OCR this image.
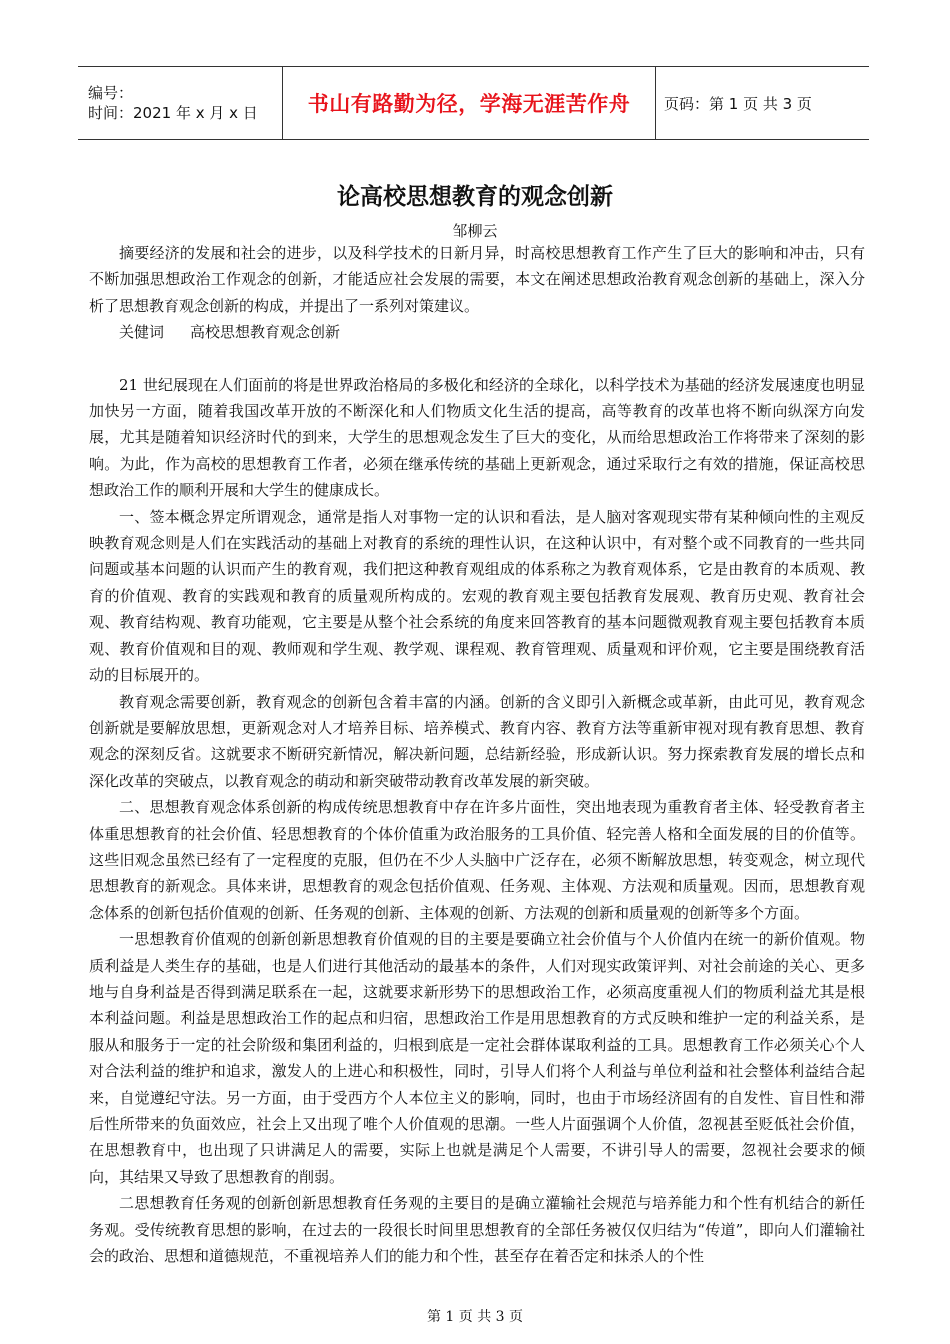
编号：
时间：2021 年 x 月 x 日	书山有路勤为径，学海无涯苦作舟 页码：第 1 页 共 3 页
论高校思想教育的观念创新
邹柳云

摘要经济的发展和社会的进步，以及科学技术的日新月异，时高校思想教育工作产生了巨大的影响和冲击，只有不断加强思想政治工作观念的创新，才能适应社会发展的需要，本文在阐述思想政治教育观念创新的基础上，深入分析了思想教育观念创新的构成，并提出了一系列对策建议。

关健词 高校思想教育观念创新

21 世纪展现在人们面前的将是世界政治格局的多极化和经济的全球化，以科学技术为基础的经济发展速度也明显加快另一方面，随着我国改革开放的不断深化和人们物质文化生活的提高，高等教育的改革也将不断向纵深方向发展，尤其是随着知识经济时代的到来，大学生的思想观念发生了巨大的变化，从而给思想政治工作将带来了深刻的影响。为此，作为高校的思想教育工作者，必须在继承传统的基础上更新观念，通过采取行之有效的措施，保证高校思想政治工作的顺利开展和大学生的健康成长。

一、签本概念界定所谓观念，通常是指人对事物一定的认识和看法，是人脑对客观现实带有某种倾向性的主观反映教育观念则是人们在实践活动的基础上对教育的系统的理性认识，在这种认识中，有对整个或不同教育的一些共同问题或基本问题的认识而产生的教育观，我们把这种教育观组成的体系称之为教育观体系，它是由教育的本质观、教育的价值观、教育的实践观和教育的质量观所构成的。宏观的教育观主要包括教育发展观、教育历史观、教育社会观、教育结构观、教育功能观，它主要是从整个社会系统的角度来回答教育的基本问题微观教育观主要包括教育本质观、教育价值观和目的观、教师观和学生观、教学观、课程观、教育管理观、质量观和评价观，它主要是围绕教育活动的目标展开的。

教育观念需要创新，教育观念的创新包含着丰富的内涵。创新的含义即引入新概念或革新，由此可见，教育观念创新就是要解放思想，更新观念对人才培养目标、培养模式、教育内容、教育方法等重新审视对现有教育思想、教育观念的深刻反省。这就要求不断研究新情况，解决新问题，总结新经验，形成新认识。努力探索教育发展的增长点和深化改革的突破点，以教育观念的萌动和新突破带动教育改革发展的新突破。

二、思想教育观念体系创新的构成传统思想教育中存在许多片面性，突出地表现为重教育者主体、轻受教育者主体重思想教育的社会价值、轻思想教育的个体价值重为政治服务的工具价值、轻完善人格和全面发展的目的价值等。这些旧观念虽然已经有了一定程度的克服，但仍在不少人头脑中广泛存在，必须不断解放思想，转变观念，树立现代思想教育的新观念。具体来讲，思想教育的观念包括价值观、任务观、主体观、方法观和质量观。因而，思想教育观念体系的创新包括价值观的创新、任务观的创新、主体观的创新、方法观的创新和质量观的创新等多个方面。

一思想教育价值观的创新创新思想教育价值观的目的主要是要确立社会价值与个人价值内在统一的新价值观。物质利益是人类生存的基础，也是人们进行其他活动的最基本的条件，人们对现实政策评判、对社会前途的关心、更多地与自身利益是否得到满足联系在一起，这就要求新形势下的思想政治工作，必须高度重视人们的物质利益尤其是根本利益问题。利益是思想政治工作的起点和归宿，思想政治工作是用思想教育的方式反映和维护一定的利益关系，是服从和服务于一定的社会阶级和集团利益的，归根到底是一定社会群体谋取利益的工具。思想教育工作必须关心个人对合法利益的维护和追求，激发人的上进心和积极性，同时，引导人们将个人利益与单位利益和社会整体利益结合起来，自觉遵纪守法。另一方面，由于受西方个人本位主义的影响，同时，也由于市场经济固有的自发性、盲目性和滞后性所带来的负面效应，社会上又出现了唯个人价值观的思潮。一些人片面强调个人价值，忽视甚至贬低社会价值，在思想教育中，也出现了只讲满足人的需要，实际上也就是满足个人需要，不讲引导人的需要，忽视社会要求的倾向，其结果又导致了思想教育的削弱。

二思想教育任务观的创新创新思想教育任务观的主要目的是确立灌输社会规范与培养能力和个性有机结合的新任务观。受传统教育思想的影响，在过去的一段很长时间里思想教育的全部任务被仅仅归结为“传道”，即向人们灌输社会的政治、思想和道德规范，不重视培养人们的能力和个性，甚至存在着否定和抹杀人的个性

第 1 页 共 3 页
